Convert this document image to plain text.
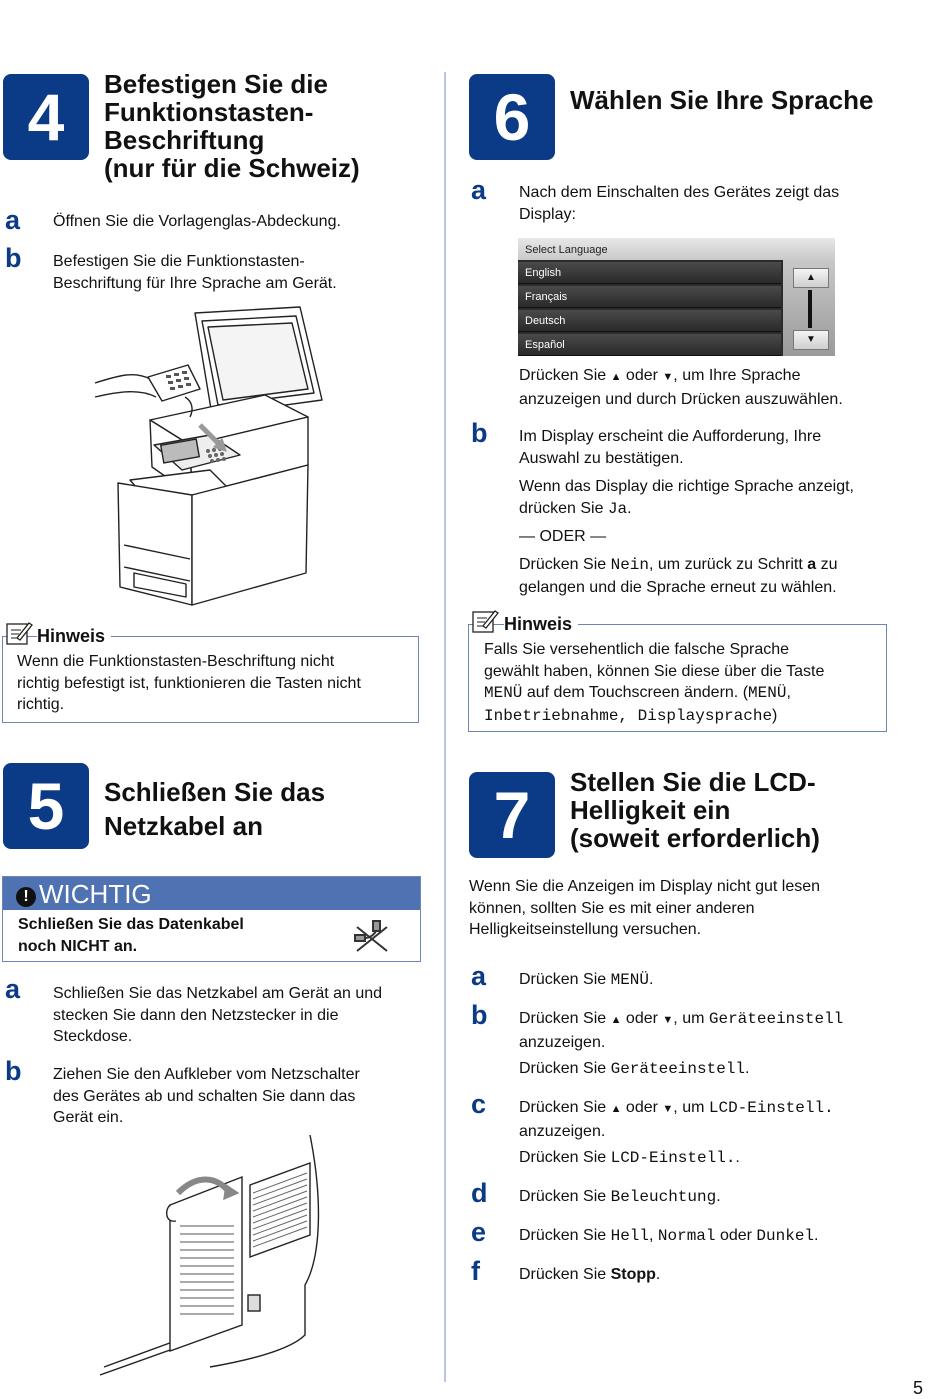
4	Befestigen Sie die
Funktionstasten-
Beschriftung
(nur für die Schweiz)
a Öffnen Sie die Vorlagenglas-Abdeckung.
b Befestigen Sie die Funktionstasten-
Beschriftung für Ihre Sprache am Gerät.
Hinweis
Wenn die Funktionstasten-Beschriftung nicht
richtig befestigt ist, funktionieren die Tasten nicht
richtig.
5	Schließen Sie das
Netzkabel an
! WICHTIG
Schließen Sie das Datenkabel
noch NICHT an.
a Schließen Sie das Netzkabel am Gerät an und
stecken Sie dann den Netzstecker in die
Steckdose.
b Ziehen Sie den Aufkleber vom Netzschalter
des Gerätes ab und schalten Sie dann das
Gerät ein.
6	Wählen Sie Ihre Sprache
a Nach dem Einschalten des Gerätes zeigt das
Display:
Select Language
English
Français
Deutsch
Español
▲
▼
Drücken Sie ▲ oder ▼, um Ihre Sprache
anzuzeigen und durch Drücken auszuwählen.
b Im Display erscheint die Aufforderung, Ihre
Auswahl zu bestätigen.
Wenn das Display die richtige Sprache anzeigt,
drücken Sie Ja.
— ODER —
Drücken Sie Nein, um zurück zu Schritt a zu
gelangen und die Sprache erneut zu wählen.
Hinweis
Falls Sie versehentlich die falsche Sprache
gewählt haben, können Sie diese über die Taste
MENÜ auf dem Touchscreen ändern. (MENÜ,
Inbetriebnahme, Displaysprache)
7	Stellen Sie die LCD-
Helligkeit ein
(soweit erforderlich)
Wenn Sie die Anzeigen im Display nicht gut lesen
können, sollten Sie es mit einer anderen
Helligkeitseinstellung versuchen.
a Drücken Sie MENÜ.
b Drücken Sie ▲ oder ▼, um Geräteeinstell
anzuzeigen.
Drücken Sie Geräteeinstell.
c Drücken Sie ▲ oder ▼, um LCD-Einstell.
anzuzeigen.
Drücken Sie LCD-Einstell..
d Drücken Sie Beleuchtung.
e Drücken Sie Hell, Normal oder Dunkel.
f Drücken Sie Stopp.
5
